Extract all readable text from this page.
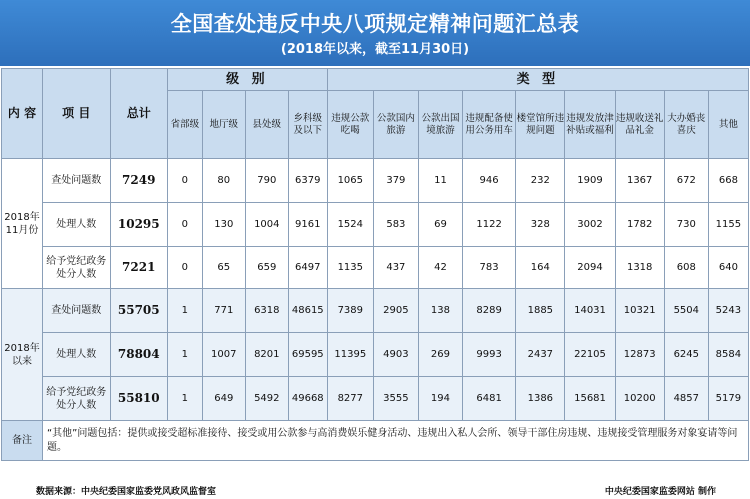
全国查处违反中央八项规定精神问题汇总表
(2018年以来，截至11月30日)
内 容	项 目	总计	级 别				类 型								
			省部级	地厅级	县处级	乡科级及以下	违规公款吃喝	公款国内旅游	公款出国境旅游	违规配备使用公务用车	楼堂馆所违规问题	违规发放津补贴或福利	违规收送礼品礼金	大办婚丧喜庆	其他
2018年11月份	查处问题数	7249	0	80	790	6379	1065	379	11	946	232	1909	1367	672	668
	处理人数	10295	0	130	1004	9161	1524	583	69	1122	328	3002	1782	730	1155
	给予党纪政务处分人数	7221	0	65	659	6497	1135	437	42	783	164	2094	1318	608	640
2018年以来	查处问题数	55705	1	771	6318	48615	7389	2905	138	8289	1885	14031	10321	5504	5243
	处理人数	78804	1	1007	8201	69595	11395	4903	269	9993	2437	22105	12873	6245	8584
	给予党纪政务处分人数	55810	1	649	5492	49668	8277	3555	194	6481	1386	15681	10200	4857	5179
备注	“其他”问题包括：提供或接受超标准接待、接受或用公款参与高消费娱乐健身活动、违规出入私人会所、领导干部住房违规、违规接受管理服务对象宴请等问题。														
数据来源：中央纪委国家监委党风政风监督室	中央纪委国家监委网站 制作
